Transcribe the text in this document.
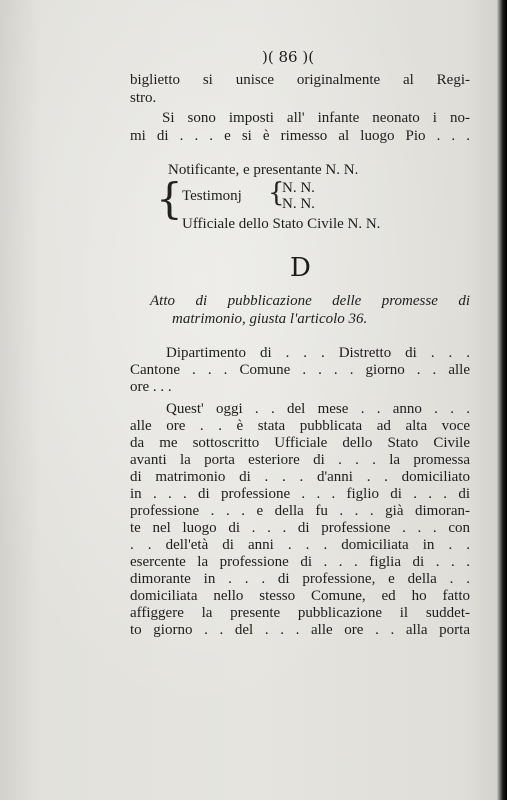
)( 86 )(
biglietto si unisce originalmente al Regi-
stro.
Si sono imposti all' infante neonato i no-
mi di . . . e si è rimesso al luogo Pio . . .
Notificante, e presentante N. N.
{ Testimonj {
N. N.
N. N.
Ufficiale dello Stato Civile N. N.
D
Atto di pubblicazione delle promesse di
matrimonio, giusta l'articolo 36.
Dipartimento di . . . Distretto di . . .
Cantone . . . Comune . . . . giorno . . alle
ore . . .
Quest' oggi . . del mese . . anno . . .
alle ore . . è stata pubblicata ad alta voce
da me sottoscritto Ufficiale dello Stato Civile
avanti la porta esteriore di . . . la promessa
di matrimonio di . . . d'anni . . domiciliato
in . . . di professione . . . figlio di . . . di
professione . . . e della fu . . . già dimoran-
te nel luogo di . . . di professione . . . con
. . dell'età di anni . . . domiciliata in . .
esercente la professione di . . . figlia di . . .
dimorante in . . . di professione, e della . .
domiciliata nello stesso Comune, ed ho fatto
affiggere la presente pubblicazione il suddet-
to giorno . . del . . . alle ore . . alla porta
